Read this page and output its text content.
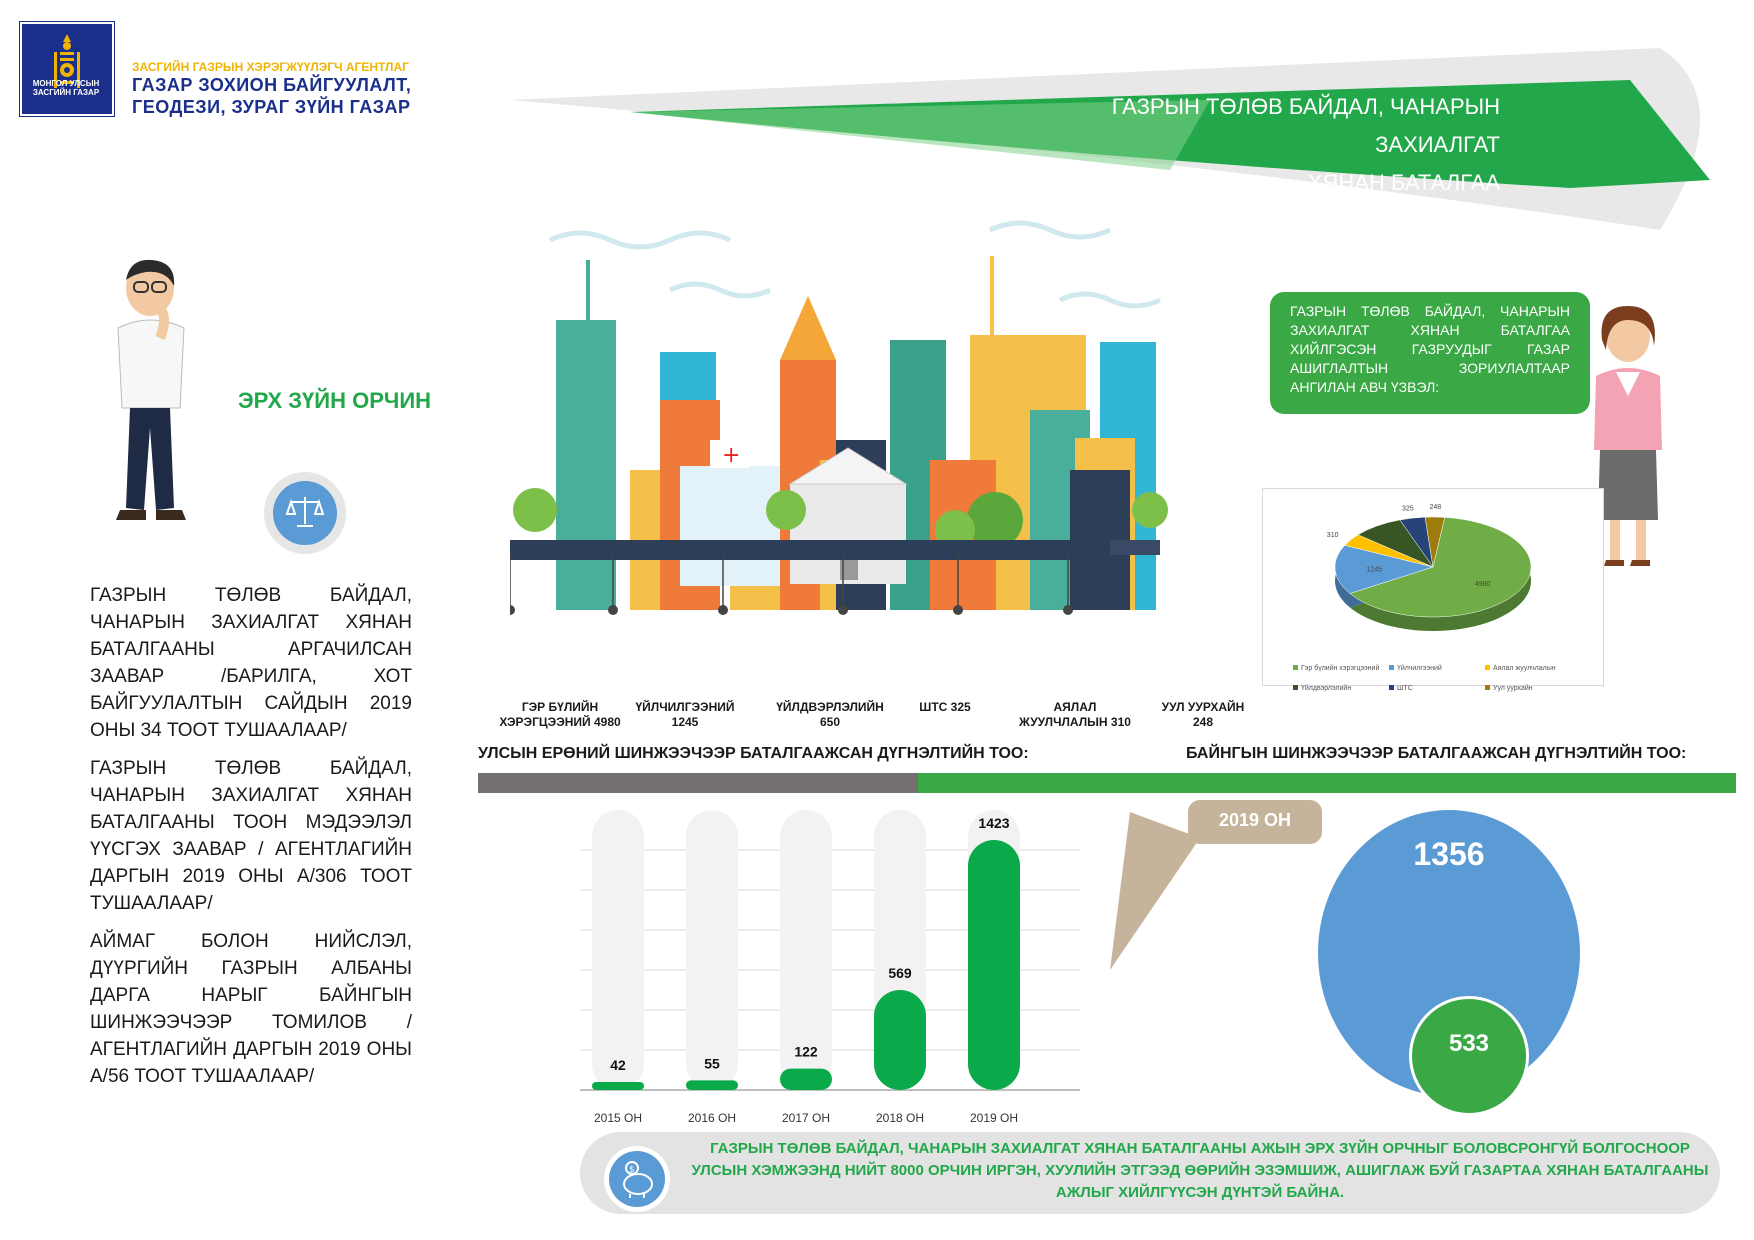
МОНГОЛ УЛСЫН ЗАСГИЙН ГАЗАР
ЗАСГИЙН ГАЗРЫН ХЭРЭГЖҮҮЛЭГЧ АГЕНТЛАГ
ГАЗАР ЗОХИОН БАЙГУУЛАЛТ,
ГЕОДЕЗИ, ЗУРАГ ЗҮЙН ГАЗАР	ГАЗРЫН ТӨЛӨВ БАЙДАЛ, ЧАНАРЫН ЗАХИАЛГАТ
ХЯНАН БАТАЛГАА
ЭРХ ЗҮЙН ОРЧИН
ГАЗРЫН ТӨЛӨВ БАЙДАЛ, ЧАНАРЫН ЗАХИАЛГАТ ХЯНАН БАТАЛГААНЫ АРГАЧИЛСАН ЗААВАР /БАРИЛГА, ХОТ БАЙГУУЛАЛТЫН САЙДЫН 2019 ОНЫ 34 ТООТ ТУШААЛААР/
ГАЗРЫН ТӨЛӨВ БАЙДАЛ, ЧАНАРЫН ЗАХИАЛГАТ ХЯНАН БАТАЛГААНЫ ТООН МЭДЭЭЛЭЛ ҮҮСГЭХ ЗААВАР / АГЕНТЛАГИЙН ДАРГЫН 2019 ОНЫ А/306 ТООТ ТУШААЛААР/
АЙМАГ БОЛОН НИЙСЛЭЛ, ДҮҮРГИЙН ГАЗРЫН АЛБАНЫ ДАРГА НАРЫГ БАЙНГЫН ШИНЖЭЭЧЭЭР ТОМИЛОВ / АГЕНТЛАГИЙН ДАРГЫН 2019 ОНЫ А/56 ТООТ ТУШААЛААР/
+
ГЭР БҮЛИЙН
ХЭРЭГЦЭЭНИЙ 4980
ҮЙЛЧИЛГЭЭНИЙ
1245
ҮЙЛДВЭРЛЭЛИЙН
650
ШТС 325	АЯЛАЛ
ЖУУЛЧЛАЛЫН 310
УУЛ УУРХАЙН
248
ГАЗРЫН ТӨЛӨВ БАЙДАЛ, ЧАНАРЫН ЗАХИАЛГАТ ХЯНАН БАТАЛГАА ХИЙЛГЭСЭН ГАЗРУУДЫГ ГАЗАР АШИГЛАЛТЫН ЗОРИУЛАЛТААР АНГИЛАН АВЧ ҮЗВЭЛ:
4980
1245
310
325 248
Гэр бүлийн хэрэгцээний	Үйлчилгээний	Аялал жуулчлалынҮйлдвэрлэлийн	ШТС	Уул уурхайн
УЛСЫН ЕРӨНИЙ ШИНЖЭЭЧЭЭР БАТАЛГААЖСАН ДҮГНЭЛТИЙН ТОО:	БАЙНГЫН ШИНЖЭЭЧЭЭР БАТАЛГААЖСАН ДҮГНЭЛТИЙН ТОО:
42
2015 ОН
55
2016 ОН
122
2017 ОН
569
2018 ОН
1423
2019 ОН
2019 ОН
1356
533
$
ГАЗРЫН ТӨЛӨВ БАЙДАЛ, ЧАНАРЫН ЗАХИАЛГАТ ХЯНАН БАТАЛГААНЫ АЖЫН ЭРХ ЗҮЙН ОРЧНЫГ БОЛОВСРОНГҮЙ БОЛГОСНООР УЛСЫН ХЭМЖЭЭНД НИЙТ 8000 ОРЧИН ИРГЭН, ХУУЛИЙН ЭТГЭЭД ӨӨРИЙН ЭЗЭМШИЖ, АШИГЛАЖ БУЙ ГАЗАРТАА ХЯНАН БАТАЛГААНЫ АЖЛЫГ ХИЙЛГҮҮСЭН ДҮНТЭЙ БАЙНА.
